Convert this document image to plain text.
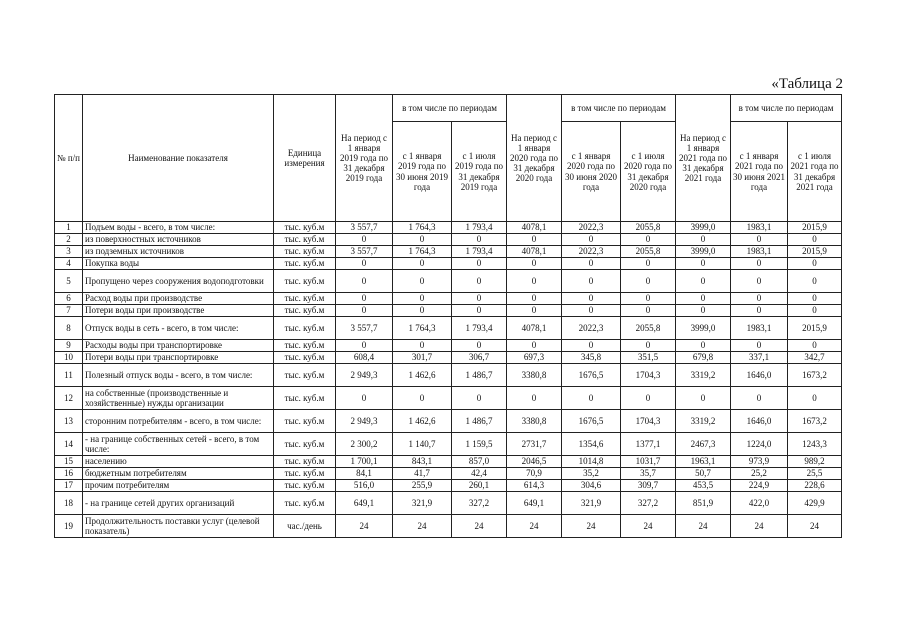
«Таблица 2
№ п/п	Наименование показателя	Единица измерения	На период с 1 января 2019 года по 31 декабря 2019 года	в том числе по периодам		На период с 1 января 2020 года по 31 декабря 2020 года	в том числе по периодам		На период с 1 января 2021 года по 31 декабря 2021 года	в том числе по периодам	
				с 1 января 2019 года по 30 июня 2019 года	с 1 июля 2019 года по 31 декабря 2019 года		с 1 января 2020 года по 30 июня 2020 года	с 1 июля 2020 года по 31 декабря 2020 года		с 1 января 2021 года по 30 июня 2021 года	с 1 июля 2021 года по 31 декабря 2021 года
1	Подъем воды - всего, в том числе:	тыс. куб.м	3 557,7	1 764,3	1 793,4	4078,1	2022,3	2055,8	3999,0	1983,1	2015,9
2	из поверхностных источников	тыс. куб.м	0	0	0	0	0	0	0	0	0
3	из подземных источников	тыс. куб.м	3 557,7	1 764,3	1 793,4	4078,1	2022,3	2055,8	3999,0	1983,1	2015,9
4	Покупка воды	тыс. куб.м	0	0	0	0	0	0	0	0	0
5	Пропущено через сооружения водоподготовки	тыс. куб.м	0	0	0	0	0	0	0	0	0
6	Расход воды при производстве	тыс. куб.м	0	0	0	0	0	0	0	0	0
7	Потери воды при производстве	тыс. куб.м	0	0	0	0	0	0	0	0	0
8	Отпуск воды в сеть - всего, в том числе:	тыс. куб.м	3 557,7	1 764,3	1 793,4	4078,1	2022,3	2055,8	3999,0	1983,1	2015,9
9	Расходы воды при транспортировке	тыс. куб.м	0	0	0	0	0	0	0	0	0
10	Потери воды при транспортировке	тыс. куб.м	608,4	301,7	306,7	697,3	345,8	351,5	679,8	337,1	342,7
11	Полезный отпуск воды - всего, в том числе:	тыс. куб.м	2 949,3	1 462,6	1 486,7	3380,8	1676,5	1704,3	3319,2	1646,0	1673,2
12	на собственные (производственные и хозяйственные) нужды организации	тыс. куб.м	0	0	0	0	0	0	0	0	0
13	сторонним потребителям - всего, в том числе:	тыс. куб.м	2 949,3	1 462,6	1 486,7	3380,8	1676,5	1704,3	3319,2	1646,0	1673,2
14	- на границе собственных сетей - всего, в том числе:	тыс. куб.м	2 300,2	1 140,7	1 159,5	2731,7	1354,6	1377,1	2467,3	1224,0	1243,3
15	населению	тыс. куб.м	1 700,1	843,1	857,0	2046,5	1014,8	1031,7	1963,1	973,9	989,2
16	бюджетным потребителям	тыс. куб.м	84,1	41,7	42,4	70,9	35,2	35,7	50,7	25,2	25,5
17	прочим потребителям	тыс. куб.м	516,0	255,9	260,1	614,3	304,6	309,7	453,5	224,9	228,6
18	- на границе сетей других организаций	тыс. куб.м	649,1	321,9	327,2	649,1	321,9	327,2	851,9	422,0	429,9
19	Продолжительность поставки услуг (целевой показатель)	час./день	24	24	24	24	24	24	24	24	24
